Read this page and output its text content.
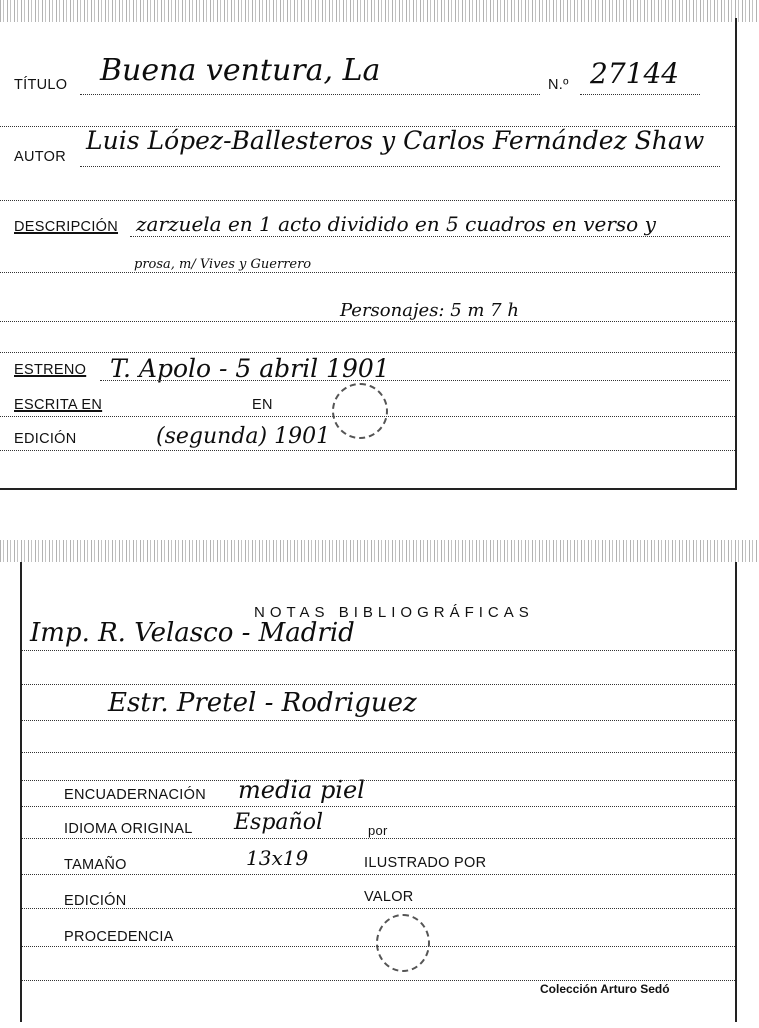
TÍTULO Buena ventura, La	N.º 27144
AUTOR
Luis López-Ballesteros y Carlos Fernández Shaw
DESCRIPCIÓN zarzuela en 1 acto dividido en 5 cuadros en verso y
prosa, m/ Vives y Guerrero
Personajes: 5 m 7 h
ESTRENO T. Apolo - 5 abril 1901
ESCRITA EN	EN
EDICIÓN	(segunda) 1901
NOTAS BIBLIOGRÁFICAS
Imp. R. Velasco - Madrid
Estr. Pretel - Rodriguez
ENCUADERNACIÓN media piel
IDIOMA ORIGINAL Español	por
TAMAÑO	13x19	ILUSTRADO POR
EDICIÓN	VALOR
PROCEDENCIA
Colección Arturo Sedó
